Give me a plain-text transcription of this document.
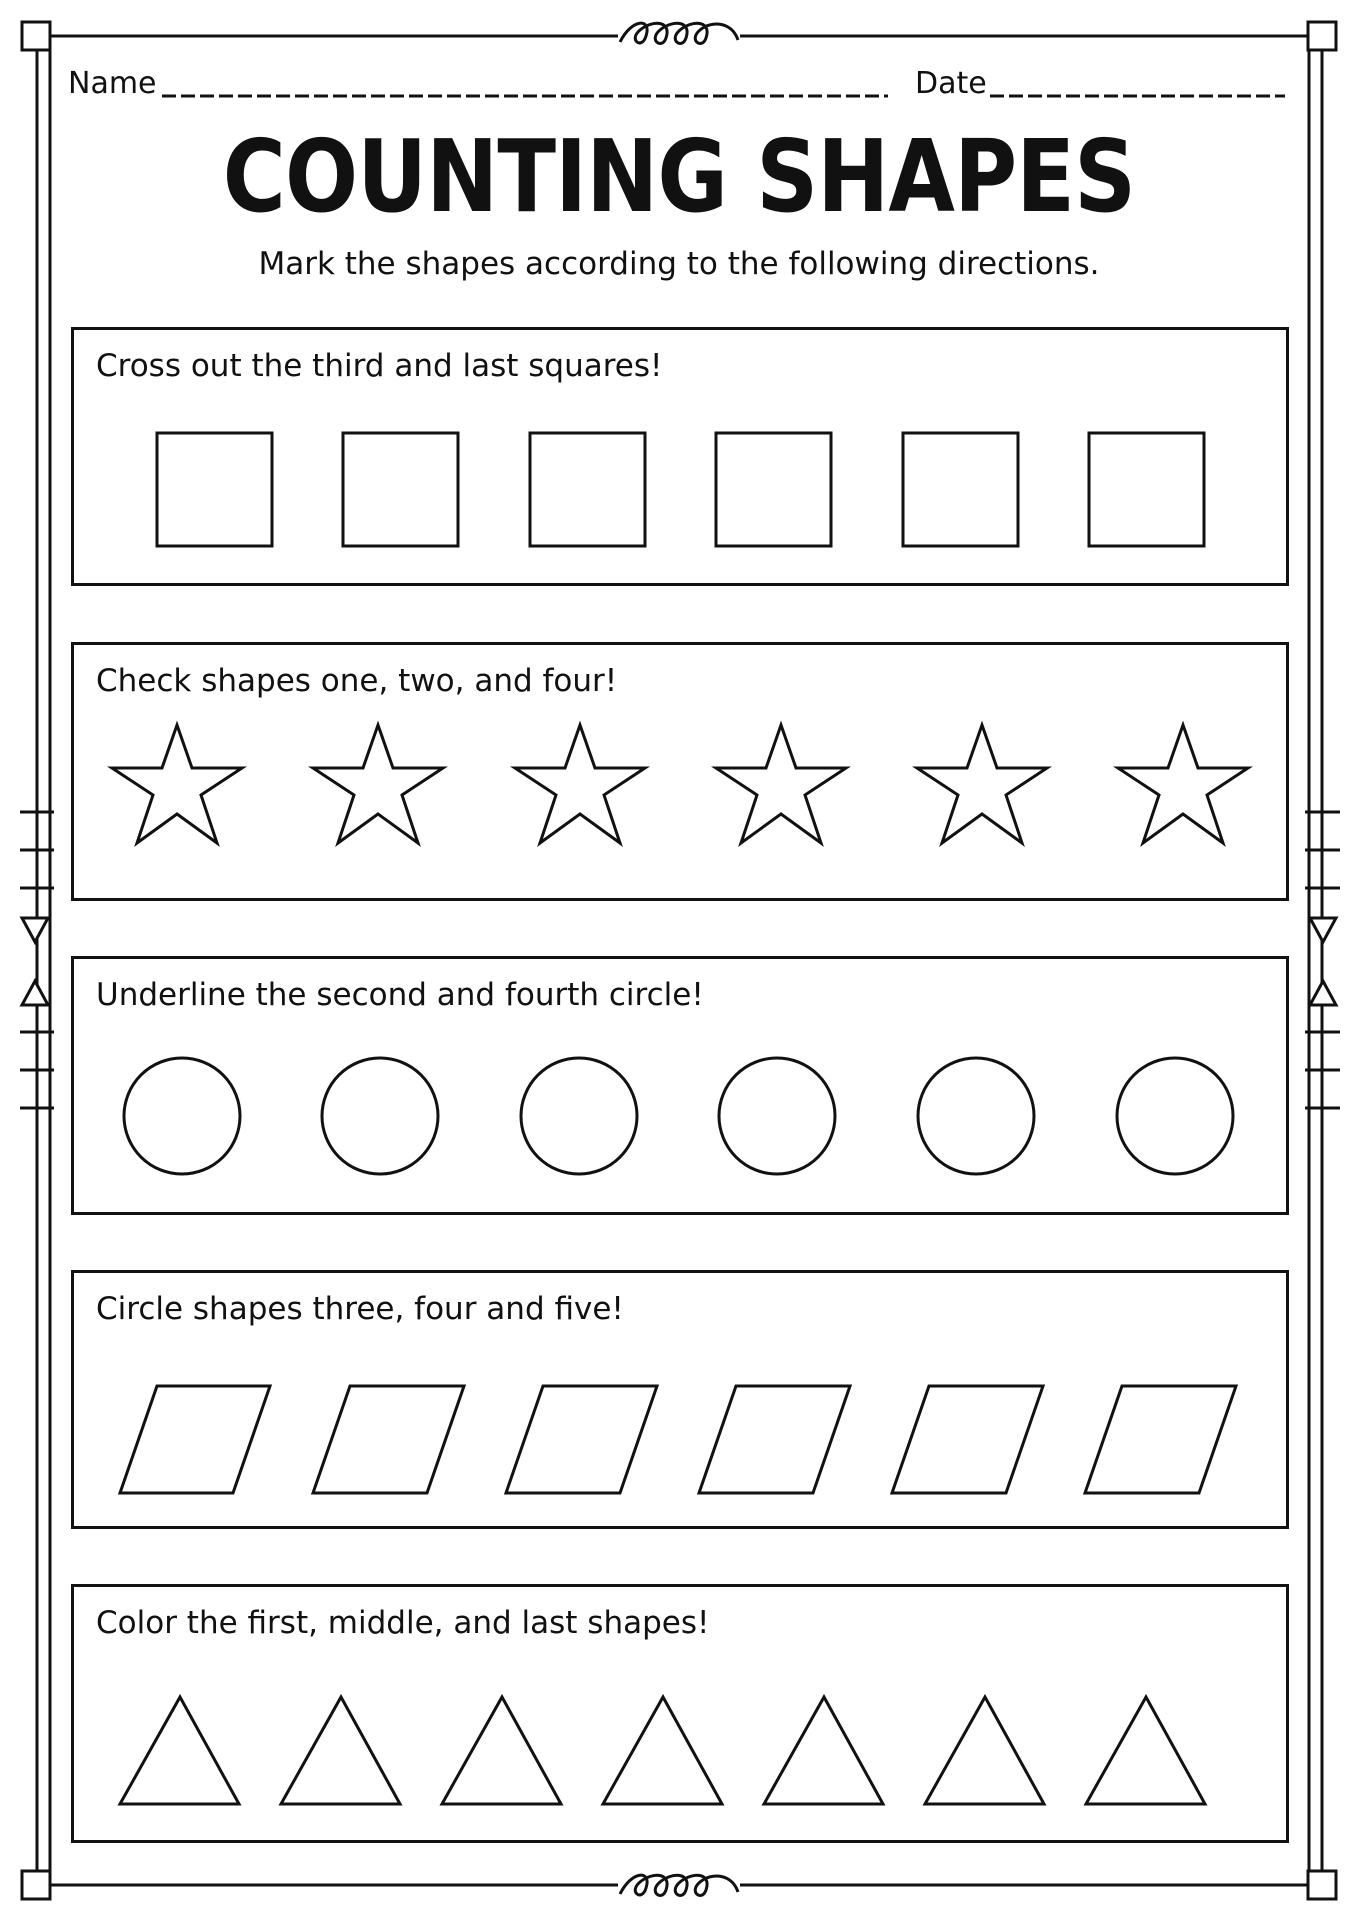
Name	Date
COUNTING SHAPES
Mark the shapes according to the following directions.
Cross out the third and last squares!
Check shapes one, two, and four!
Underline the second and fourth circle!
Circle shapes three, four and five!
Color the first, middle, and last shapes!
